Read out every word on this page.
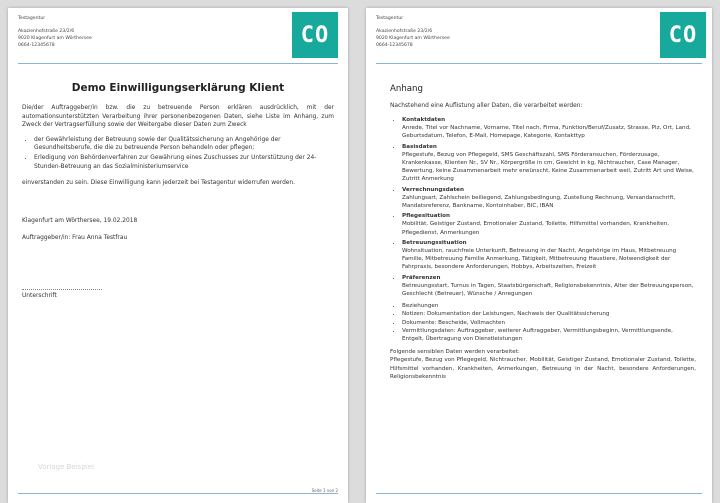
Testagentur
Akazienhofstraße 23/2/6
9020 Klagenfurt am Wörthersee
0664-12345678	CO
Demo Einwilligungserklärung Klient

Die/der Auftraggeber/in bzw. die zu betreuende Person erklären ausdrücklich, mit der automationsunterstützten Verarbeitung ihrer personenbezogenen Daten, siehe Liste im Anhang, zum Zweck der Vertragserfüllung sowie der Weitergabe dieser Daten zum Zweck

• der Gewährleistung der Betreuung sowie der Qualitätssicherung an Angehörige der Gesundheitsberufe, die die zu betreuende Person behandeln oder pflegen;
• Erledigung von Behördenverfahren zur Gewährung eines Zuschusses zur Unterstützung der 24-Stunden-Betreuung an das Sozialministeriumservice

einverstanden zu sein. Diese Einwilligung kann jederzeit bei Testagentur widerrufen werden.

Klagenfurt am Wörthersee, 19.02.2018
Auftraggeber/in: Frau Anna Testfrau
Unterschrift
Vorlage Beispiel
Seite 1 von 2
Testagentur
Akazienhofstraße 23/2/6
9020 Klagenfurt am Wörthersee
0664-12345678	CO
Anhang
Nachstehend eine Auflistung aller Daten, die verarbeitet werden:
• Kontaktdaten
Anrede, Titel vor Nachname, Vorname, Titel nach, Firma, Funktion/Beruf/Zusatz, Strasse, Plz, Ort, Land, Geburtsdatum, Telefon, E-Mail, Homepage, Kategorie, Kontakttyp
• Basisdaten
Pflegestufe, Bezug von Pflegegeld, SMS Geschäftszahl, SMS Förderansuchen, Förderzusage, Krankenkasse, Klienten Nr., SV Nr., Körpergröße in cm, Gewicht in kg, Nichtraucher, Case Manager, Bewertung, keine Zusammenarbeit mehr erwünscht, Keine Zusammenarbeit weil, Zutritt Art und Weise, Zutritt Anmerkung
• Verrechnungsdaten
Zahlungsart, Zahlschein beiliegend, Zahlungsbedingung, Zustellung Rechnung, Versandanschrift, Mandatsreferenz, Bankname, Kontoinhaber, BIC, IBAN
• Pflegesituation
Mobilität, Geistiger Zustand, Emotionaler Zustand, Toilette, Hilfsmittel vorhanden, Krankheiten, Pflegedienst, Anmerkungen
• Betreuungssituation
Wohnsituation, rauchfreie Unterkunft, Betreuung in der Nacht, Angehörige im Haus, Mitbetreuung Familie, Mitbetreuung Familie Anmerkung, Tätigkeit, Mitbetreuung Haustiere, Notwendigkeit der Fahrpraxis, besondere Anforderungen, Hobbys, Arbeitszeiten, Freizeit
• Präferenzen
Betreuungsstart, Turnus in Tagen, Staatsbürgerschaft, Religionsbekenntnis, Alter der Betreuungsperson, Geschlecht (Betreuer), Wünsche / Anregungen
• Beziehungen
• Notizen: Dokumentation der Leistungen, Nachweis der Qualitätssicherung
• Dokumente: Bescheide, Vollmachten
• Vermittlungsdaten: Auftraggeber, weiterer Auftraggeber, Vermittlungsbeginn, Vermittlungsende, Entgelt, Übertragung von Dienstleistungen

Folgende sensiblen Daten werden verarbeitet:

Pflegestufe, Bezug von Pflegegeld, Nichtraucher, Mobilität, Geistiger Zustand, Emotionaler Zustand, Toilette, Hilfsmittel vorhanden, Krankheiten, Anmerkungen, Betreuung in der Nacht, besondere Anforderungen, Religionsbekenntnis
